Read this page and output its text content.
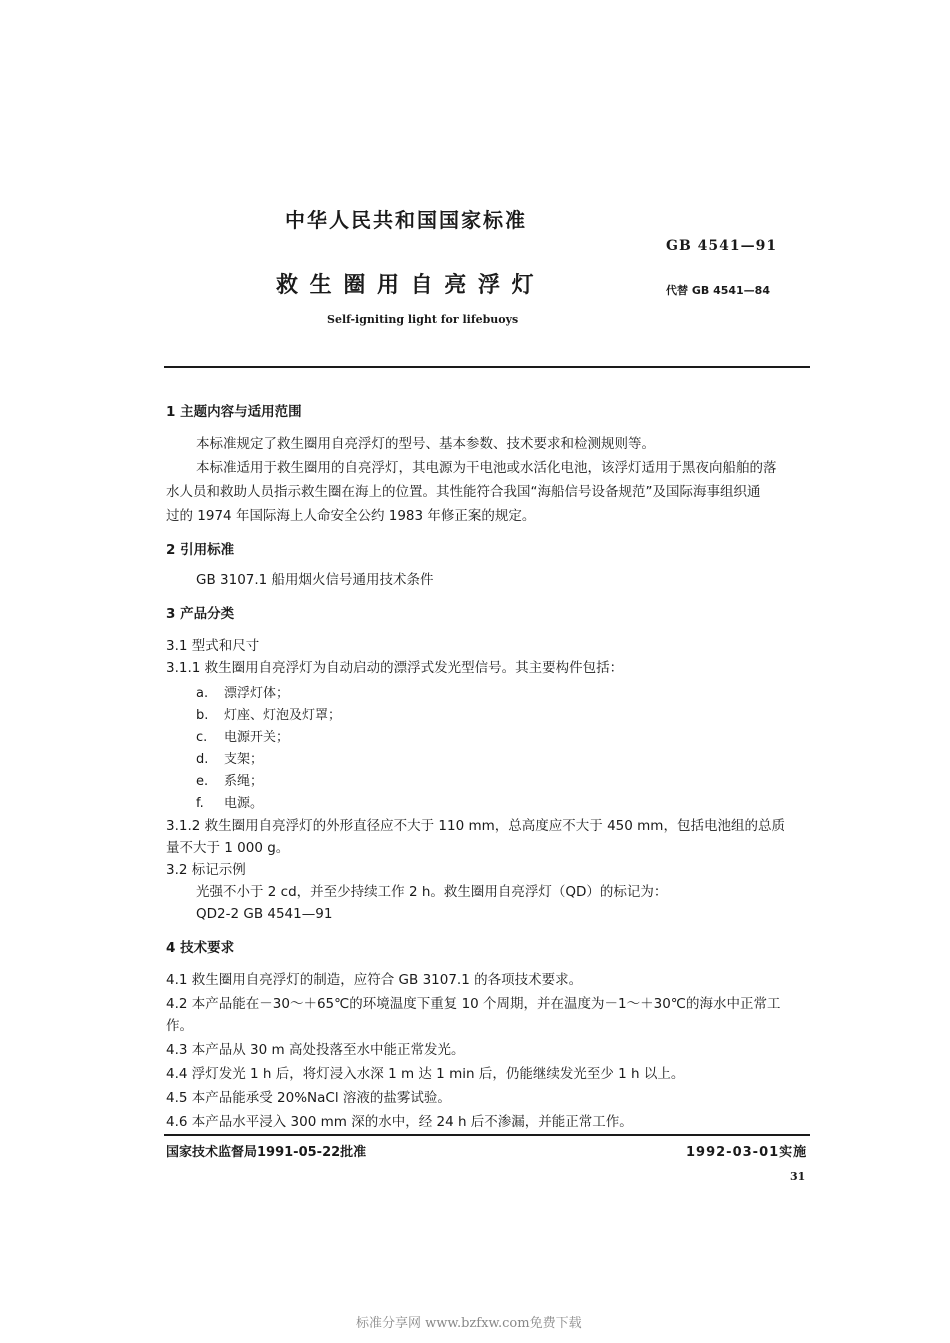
中华人民共和国国家标准
GB 4541—91
救 生 圈 用 自 亮 浮 灯	代替 GB 4541—84
Self-igniting light for lifebuoys
1 主题内容与适用范围
本标准规定了救生圈用自亮浮灯的型号、基本参数、技术要求和检测规则等。
本标准适用于救生圈用的自亮浮灯，其电源为干电池或水活化电池，该浮灯适用于黑夜向船舶的落
水人员和救助人员指示救生圈在海上的位置。其性能符合我国“海船信号设备规范”及国际海事组织通
过的 1974 年国际海上人命安全公约 1983 年修正案的规定。
2 引用标准
GB 3107.1 船用烟火信号通用技术条件
3 产品分类
3.1 型式和尺寸
3.1.1 救生圈用自亮浮灯为自动启动的漂浮式发光型信号。其主要构件包括：
a. 漂浮灯体；
b. 灯座、灯泡及灯罩；
c. 电源开关；
d. 支架；
e. 系绳；
f. 电源。
3.1.2 救生圈用自亮浮灯的外形直径应不大于 110 mm，总高度应不大于 450 mm，包括电池组的总质
量不大于 1 000 g。
3.2 标记示例
光强不小于 2 cd，并至少持续工作 2 h。救生圈用自亮浮灯（QD）的标记为：
QD2-2 GB 4541—91
4 技术要求
4.1 救生圈用自亮浮灯的制造，应符合 GB 3107.1 的各项技术要求。
4.2 本产品能在－30～＋65℃的环境温度下重复 10 个周期，并在温度为－1～＋30℃的海水中正常工
作。
4.3 本产品从 30 m 高处投落至水中能正常发光。
4.4 浮灯发光 1 h 后，将灯浸入水深 1 m 达 1 min 后，仍能继续发光至少 1 h 以上。
4.5 本产品能承受 20%NaCl 溶液的盐雾试验。
4.6 本产品水平浸入 300 mm 深的水中，经 24 h 后不渗漏，并能正常工作。
国家技术监督局1991-05-22批准	1992-03-01实施
31
标准分享网 www.bzfxw.com免费下载
